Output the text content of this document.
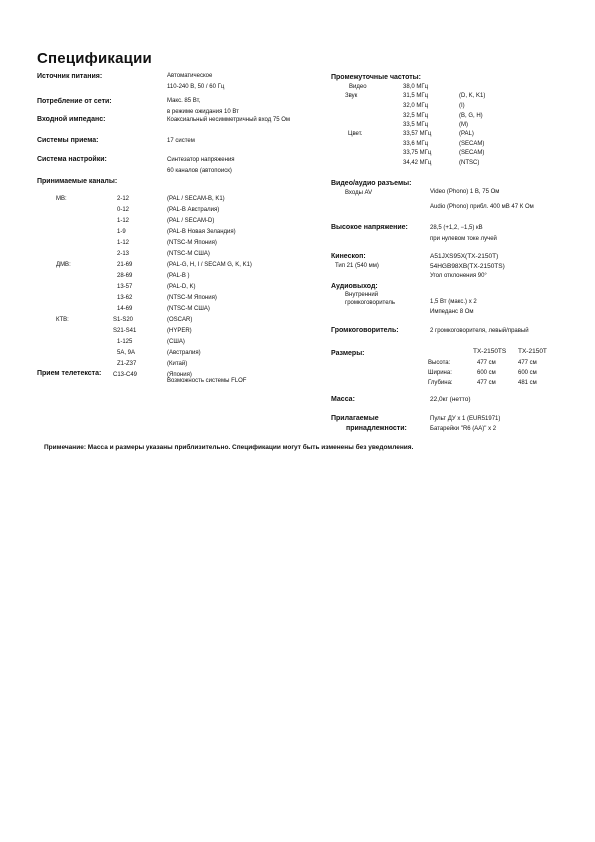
Спецификации
Источник питания:	Автоматическое
110-240 В, 50 / 60 Гц
Потребление от сети:	Макс. 85 Вт,
в режиме ожидания 10 Вт
Входной импеданс:	Коаксиальный несимметричный вход 75 Ом
Системы приема:	17 систем
Система настройки:	Синтезатор напряжения
60 каналов (автопоиск)
Принимаемые каналы:
МВ:	2-12	(PAL / SECAM-B, K1)
0-12	(PAL-B Австралия)
1-12	(PAL / SECAM-D)
1-9	(PAL-B Новая Зеландия)
1-12	(NTSC-M Япония)
2-13	(NTSC-M США)
ДМВ:	21-69	(PAL-G, H, I / SECAM G, K, K1)
28-69	(PAL-B )
13-57	(PAL-D, K)
13-62	(NTSC-M Япония)
14-69	(NTSC-M США)
КТВ:	S1-S20	(OSCAR)
S21-S41	(HYPER)
1-125	(США)
5А, 9А	(Австралия)
Z1-Z37	(Китай)
C13-C49	(Япония)
Прием телетекста:
Возможность системы FLOF
Промежуточные частоты:
Видео	38,0 МГц
Звук	31,5 МГц	(D, K, K1)
32,0 МГц	(I)
32,5 МГц	(B, G, H)
33,5 МГц	(M)
Цвет.	33,57 МГц	(PAL)
33,6 МГц	(SECAM)
33,75 МГц	(SECAM)
34,42 МГц	(NTSC)
Видео/аудио разъемы:
Входы AV	Video (Phono) 1 В, 75 Ом
Audio (Phono) прибл. 400 мВ 47 К Ом
Высокое напряжение:	28,5 (+1,2, −1,5) кВ
при нулевом токе лучей
Кинескоп:
Тип 21 (540 мм)
A51JXS95X(TX-2150T)
54HGB98XB(TX-2150TS)
Угол отклонения 90°
Аудиовыход:
Внутренний
громкоговоритель	1,5 Вт (макс.) x 2
Импеданс 8 Ом
Громкоговоритель:	2 громкоговорителя, левый/правый
Размеры:	TX-2150TS TX-2150T
Высота:	477 см	477 см
Ширина:	600 см	600 см
Глубина:	477 см	481 см
Масса:	22,0кг (нетто)
Прилагаемые
принадлежности:
Пульт ДУ x 1 (EUR51971)
Батарейки "R6 (AA)" x 2
Примечание: Масса и размеры указаны приблизительно. Спецификации могут быть изменены без уведомления.
